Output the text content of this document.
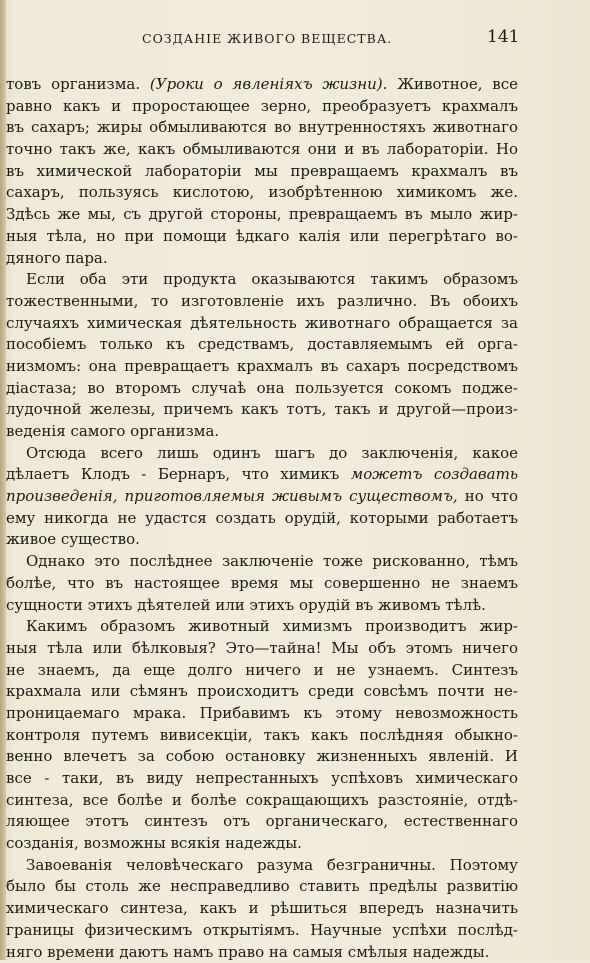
СОЗДАНІЕ ЖИВОГО ВЕЩЕСТВА.	141
товъ организма. (Уроки о явленіяхъ жизни). Животное, все
равно какъ и проростающее зерно, преобразуетъ крахмалъ
въ сахаръ; жиры обмыливаются во внутренностяхъ животнаго
точно такъ же, какъ обмыливаются они и въ лабораторіи. Но
въ химической лабораторіи мы превращаемъ крахмалъ въ
сахаръ, пользуясь кислотою, изобрѣтенною химикомъ же.
Здѣсь же мы, съ другой стороны, превращаемъ въ мыло жир-
ныя тѣла, но при помощи ѣдкаго калія или перегрѣтаго во-
дяного пара.
Если оба эти продукта оказываются такимъ образомъ
тожественными, то изготовленіе ихъ различно. Въ обоихъ
случаяхъ химическая дѣятельность животнаго обращается за
пособіемъ только къ средствамъ, доставляемымъ ей орга-
низмомъ: она превращаетъ крахмалъ въ сахаръ посредствомъ
діастаза; во второмъ случаѣ она пользуется сокомъ поджe-
лудочной железы, причемъ какъ тотъ, такъ и другой—произ-
веденія самого организма.
Отсюда всего лишь одинъ шагъ до заключенія, какое
дѣлаетъ Клодъ - Бернаръ, что химикъ можетъ создавать
произведенія, приготовляемыя живымъ существомъ, но что
ему никогда не удастся создать орудій, которыми работаетъ
живое существо.
Однако это послѣднее заключеніе тоже рискованно, тѣмъ
болѣе, что въ настоящее время мы совершенно не знаемъ
сущности этихъ дѣятелей или этихъ орудій въ живомъ тѣлѣ.
Какимъ образомъ животный химизмъ производитъ жир-
ныя тѣла или бѣлковыя? Это—тайна! Мы объ этомъ ничего
не знаемъ, да еще долго ничего и не узнаемъ. Синтезъ
крахмала или сѣмянъ происходитъ среди совсѣмъ почти не-
проницаемаго мрака. Прибавимъ къ этому невозможность
контроля путемъ вивисекціи, такъ какъ послѣдняя обыкно-
венно влечетъ за собою остановку жизненныхъ явленій. И
все - таки, въ виду непрестанныхъ успѣховъ химическаго
синтеза, все болѣе и болѣе сокращающихъ разстояніе, отдѣ-
ляющее этотъ синтезъ отъ органическаго, естественнаго
созданія, возможны всякія надежды.
Завоеванія человѣческаго разума безграничны. Поэтому
было бы столь же несправедливо ставить предѣлы развитію
химическаго синтеза, какъ и рѣшиться впередъ назначить
границы физическимъ открытіямъ. Научные успѣхи послѣд-
няго времени даютъ намъ право на самыя смѣлыя надежды.
